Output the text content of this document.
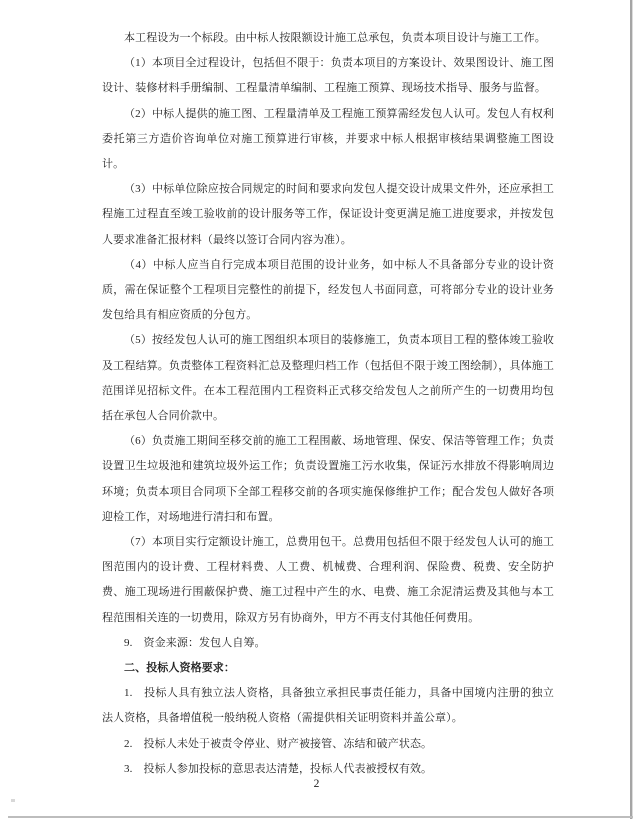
本工程设为一个标段。由中标人按限额设计施工总承包，负责本项目设计与施工工作。

（1）本项目全过程设计，包括但不限于：负责本项目的方案设计、效果图设计、施工图设计、装修材料手册编制、工程量清单编制、工程施工预算、现场技术指导、服务与监督。

（2）中标人提供的施工图、工程量清单及工程施工预算需经发包人认可。发包人有权利委托第三方造价咨询单位对施工预算进行审核，并要求中标人根据审核结果调整施工图设计。

（3）中标单位除应按合同规定的时间和要求向发包人提交设计成果文件外，还应承担工程施工过程直至竣工验收前的设计服务等工作，保证设计变更满足施工进度要求，并按发包人要求准备汇报材料（最终以签订合同内容为准）。

（4）中标人应当自行完成本项目范围的设计业务，如中标人不具备部分专业的设计资质，需在保证整个工程项目完整性的前提下，经发包人书面同意，可将部分专业的设计业务发包给具有相应资质的分包方。

（5）按经发包人认可的施工图组织本项目的装修施工，负责本项目工程的整体竣工验收及工程结算。负责整体工程资料汇总及整理归档工作（包括但不限于竣工图绘制），具体施工范围详见招标文件。在本工程范围内工程资料正式移交给发包人之前所产生的一切费用均包括在承包人合同价款中。

（6）负责施工期间至移交前的施工工程围蔽、场地管理、保安、保洁等管理工作；负责设置卫生垃圾池和建筑垃圾外运工作；负责设置施工污水收集，保证污水排放不得影响周边环境；负责本项目合同项下全部工程移交前的各项实施保修维护工作；配合发包人做好各项迎检工作，对场地进行清扫和布置。

（7）本项目实行定额设计施工，总费用包干。总费用包括但不限于经发包人认可的施工图范围内的设计费、工程材料费、人工费、机械费、合理利润、保险费、税费、安全防护费、施工现场进行围蔽保护费、施工过程中产生的水、电费、施工余泥清运费及其他与本工程范围相关连的一切费用，除双方另有协商外，甲方不再支付其他任何费用。

9.　资金来源：发包人自筹。

二、投标人资格要求：

1.　投标人具有独立法人资格，具备独立承担民事责任能力，具备中国境内注册的独立法人资格，具备增值税一般纳税人资格（需提供相关证明资料并盖公章）。

2.　投标人未处于被责令停业、财产被接管、冻结和破产状态。

3.　投标人参加投标的意思表达清楚，投标人代表被授权有效。

2
